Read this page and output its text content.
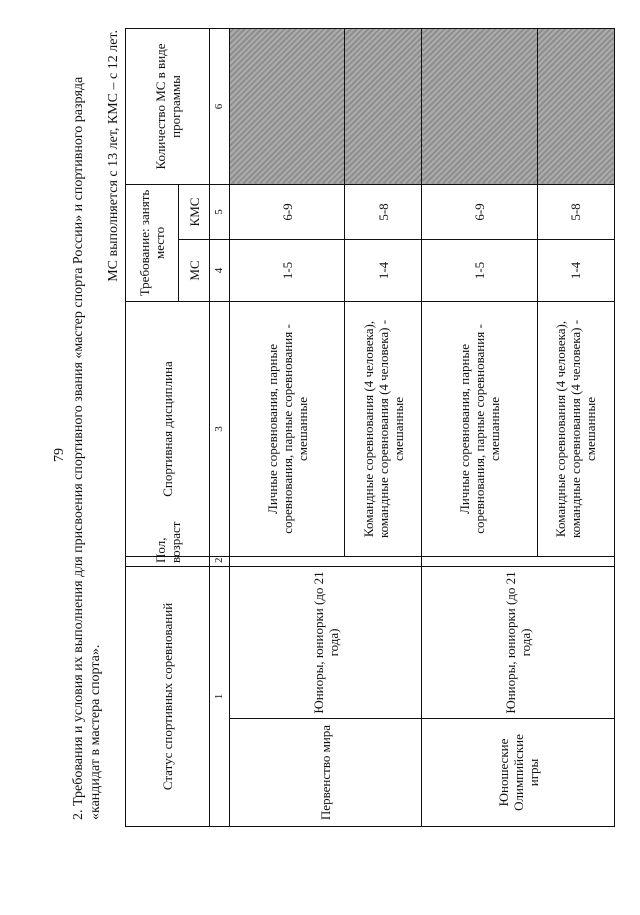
79 2. Требования и условия их выполнения для присвоения спортивного звания «мастер спорта России» и спортивного разряда «кандидат в мастера спорта».
МС выполняется с 13 лет, КМС – с 12 лет.
Статус спортивных соревнований		Пол, возраст	Спортивная дисциплина	Требование: занять место		Количество МС в виде программы
				МС	КМС	
1		2	3	4	5	6
Первенство мира	Юниоры, юниорки (до 21 года)		Личные соревнования, парные соревнования, парные соревнования - смешанные	1-5	6-9	
			Командные соревнования (4 человека), командные соревнования (4 человека) - смешанные	1-4	5-8	
Юношеские Олимпийские игры	Юниоры, юниорки (до 21 года)		Личные соревнования, парные соревнования, парные соревнования - смешанные	1-5	6-9	
			Командные соревнования (4 человека), командные соревнования (4 человека) - смешанные	1-4	5-8	
